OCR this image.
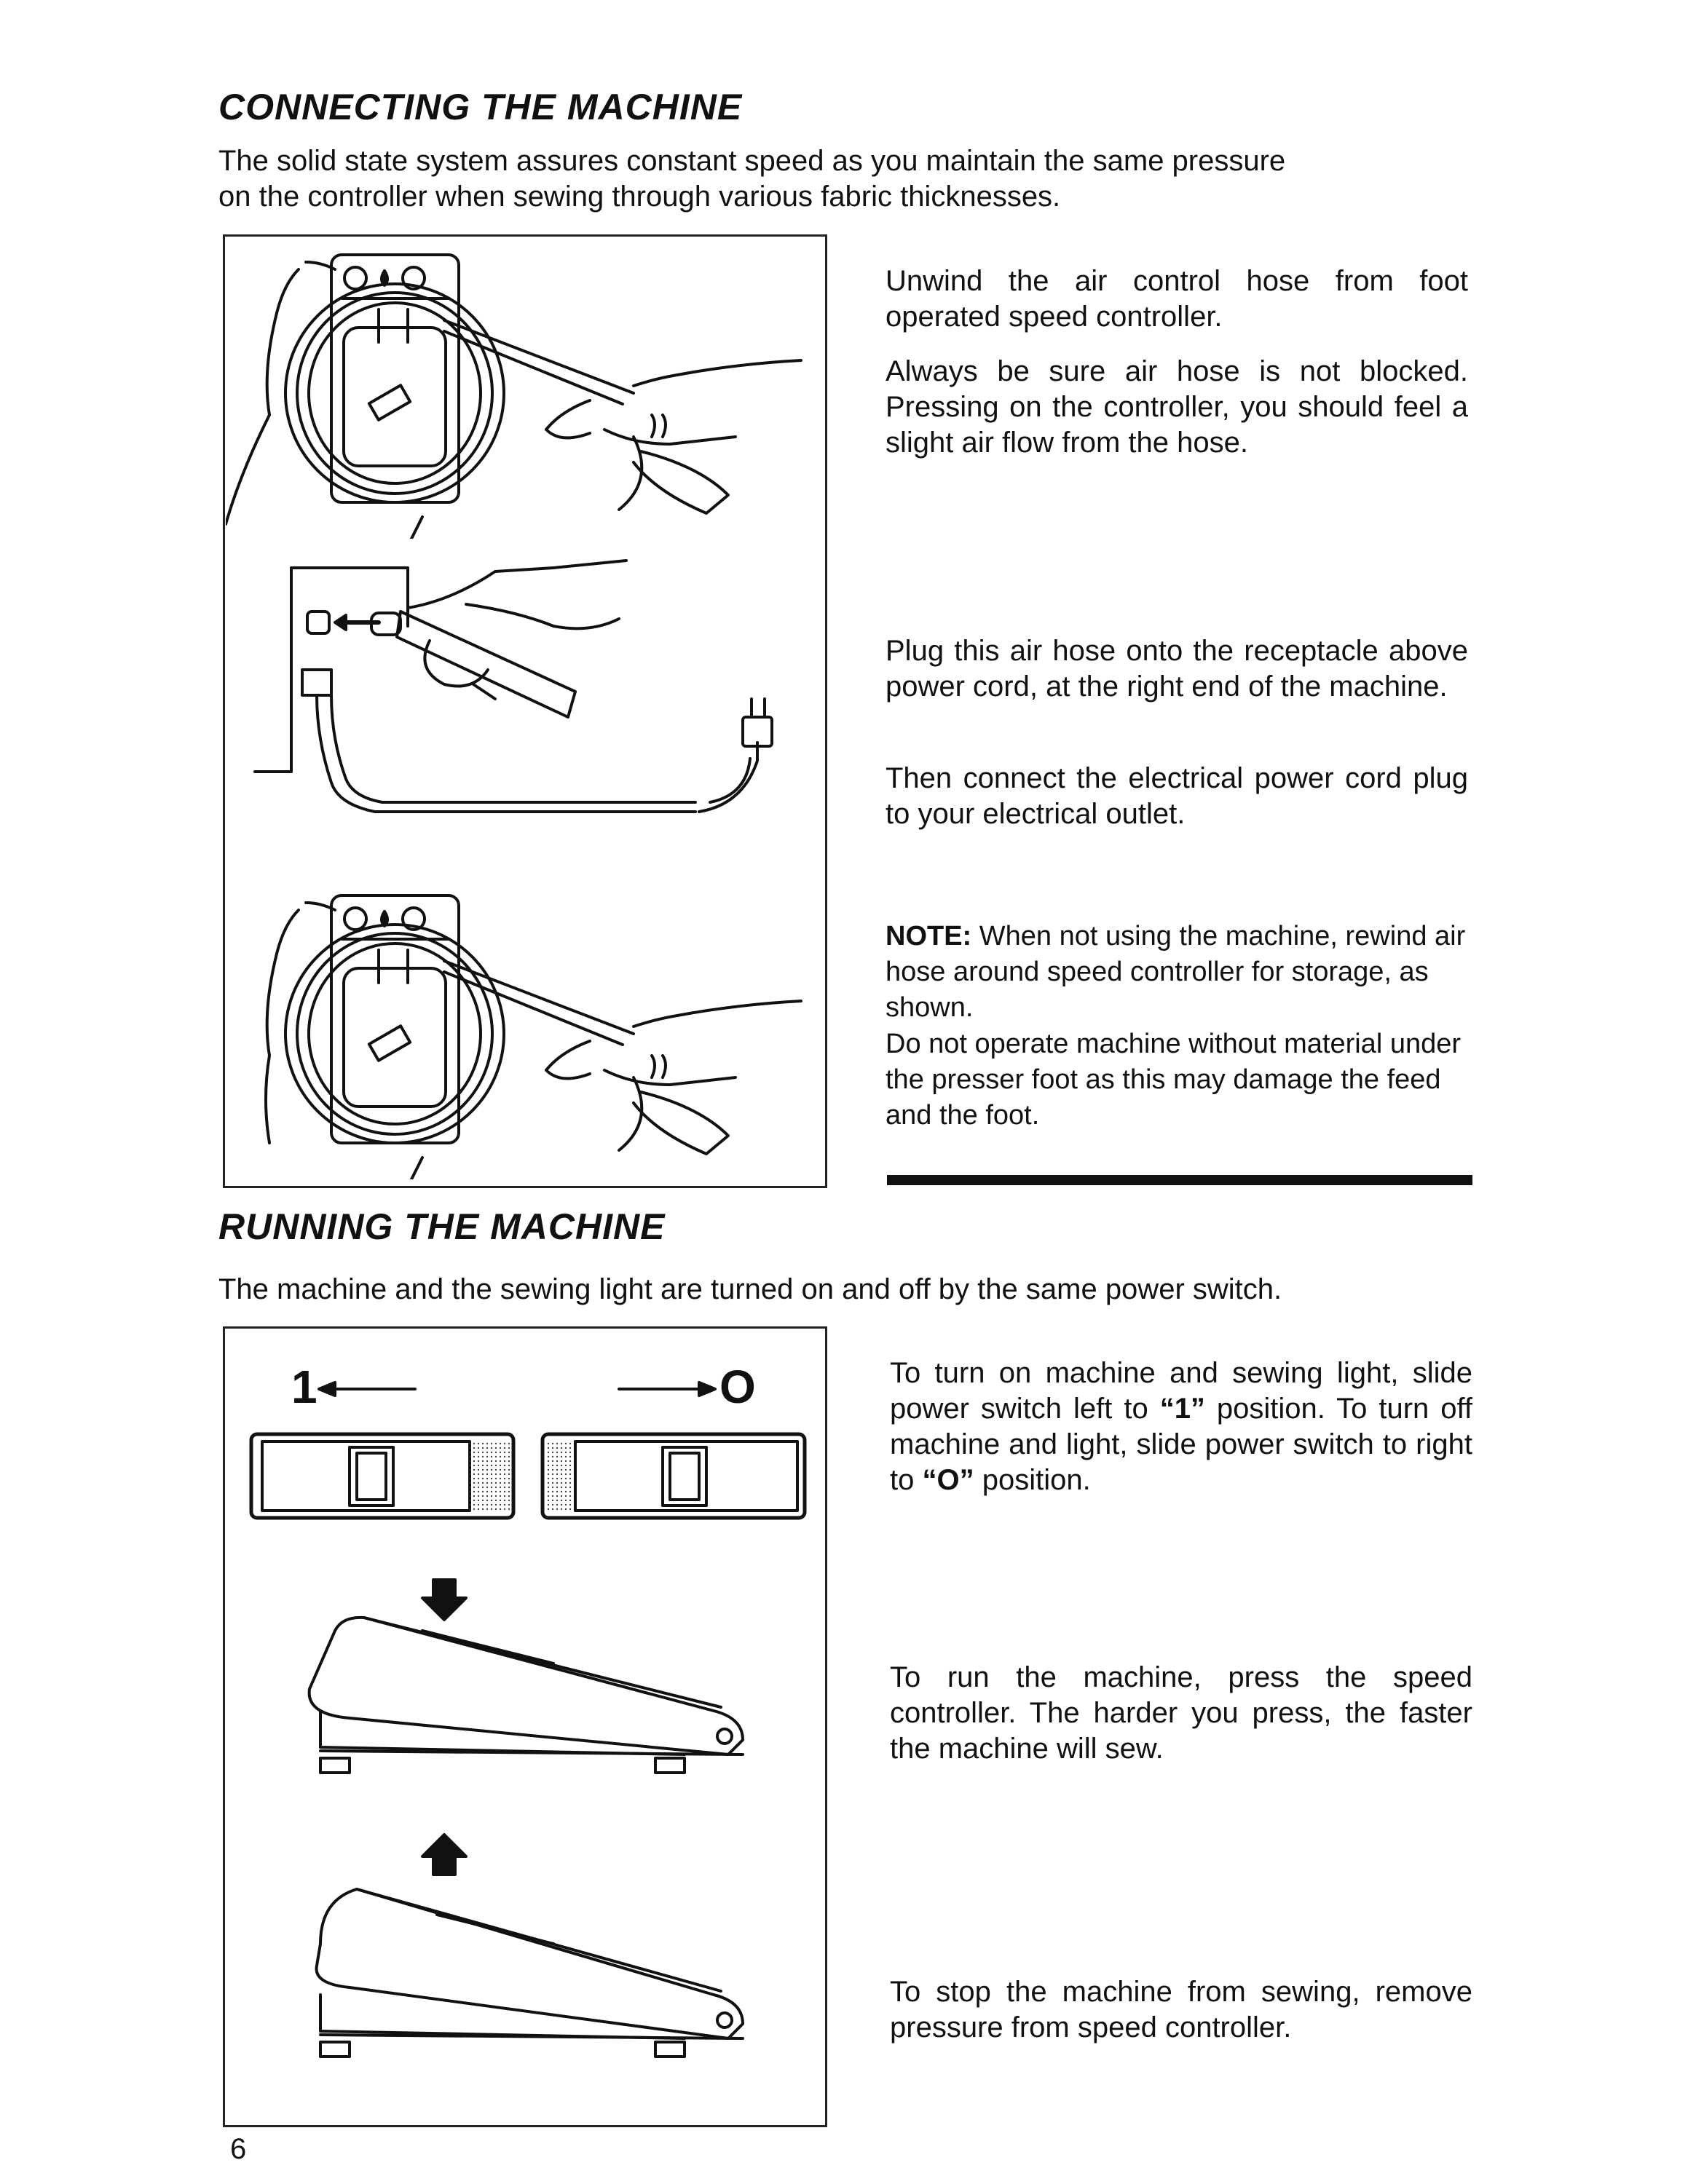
CONNECTING THE MACHINE

The solid state system assures constant speed as you maintain the same pressure

on the controller when sewing through various fabric thicknesses.

Unwind the air control hose from foot operated speed controller.

Always be sure air hose is not blocked. Pressing on the controller, you should feel a slight air flow from the hose.

Plug this air hose onto the receptacle above power cord, at the right end of the machine.

Then connect the electrical power cord plug to your electrical outlet.

NOTE: When not using the machine, rewind air hose around speed controller for storage, as shown.

Do not operate machine without material under the presser foot as this may damage the feed and the foot.

RUNNING THE MACHINE

The machine and the sewing light are turned on and off by the same power switch.

1	O	To turn on machine and sewing light, slide power switch left to “1” position. To turn off machine and light, slide power switch to right to “O” position.

To run the machine, press the speed controller. The harder you press, the faster the machine will sew.

To stop the machine from sewing, remove pressure from speed controller.

6
